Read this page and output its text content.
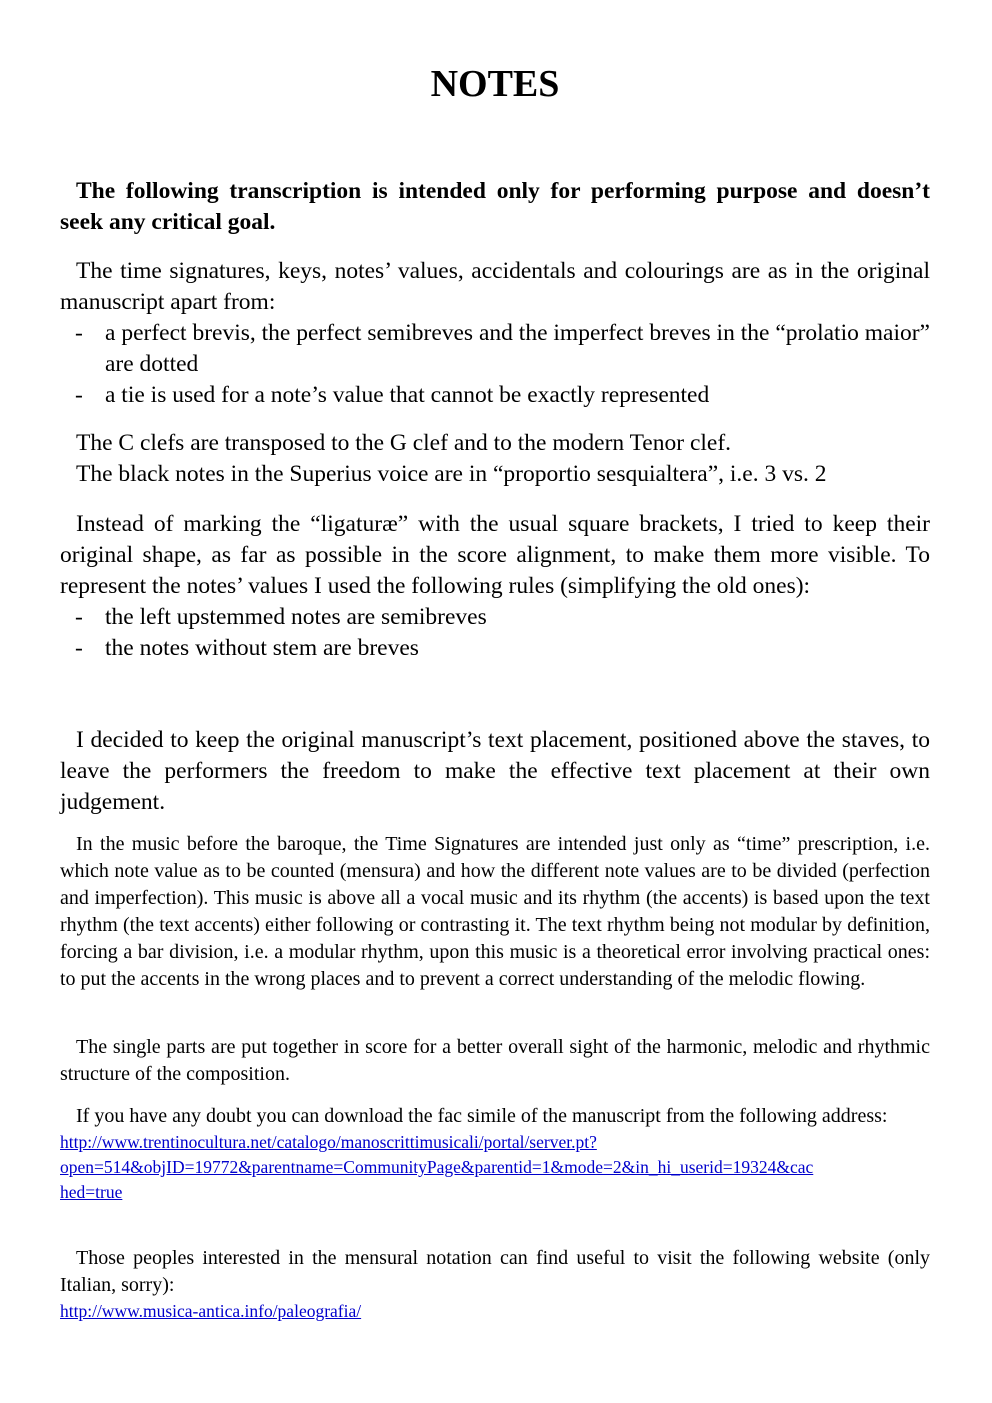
NOTES

The following transcription is intended only for performing purpose and doesn’t seek any critical goal.

The time signatures, keys, notes’ values, accidentals and colourings are as in the original manuscript apart from:

- a perfect brevis, the perfect semibreves and the imperfect breves in the “prolatio maior” are dotted
- a tie is used for a note’s value that cannot be exactly represented

The C clefs are transposed to the G clef and to the modern Tenor clef.

The black notes in the Superius voice are in “proportio sesquialtera”, i.e. 3 vs. 2

Instead of marking the “ligaturæ” with the usual square brackets, I tried to keep their original shape, as far as possible in the score alignment, to make them more visible. To represent the notes’ values I used the following rules (simplifying the old ones):

- the left upstemmed notes are semibreves
- the notes without stem are breves

I decided to keep the original manuscript’s text placement, positioned above the staves, to leave the performers the freedom to make the effective text placement at their own judgement.

In the music before the baroque, the Time Signatures are intended just only as “time” prescription, i.e. which note value as to be counted (mensura) and how the different note values are to be divided (perfection and imperfection). This music is above all a vocal music and its rhythm (the accents) is based upon the text rhythm (the text accents) either following or contrasting it. The text rhythm being not modular by definition, forcing a bar division, i.e. a modular rhythm, upon this music is a theoretical error involving practical ones: to put the accents in the wrong places and to prevent a correct understanding of the melodic flowing.

The single parts are put together in score for a better overall sight of the harmonic, melodic and rhythmic structure of the composition.

If you have any doubt you can download the fac simile of the manuscript from the following address:

http://www.trentinocultura.net/catalogo/manoscrittimusicali/portal/server.pt?
open=514&objID=19772&parentname=CommunityPage&parentid=1&mode=2&in_hi_userid=19324&cac
hed=true

Those peoples interested in the mensural notation can find useful to visit the following website (only Italian, sorry):

http://www.musica-antica.info/paleografia/
